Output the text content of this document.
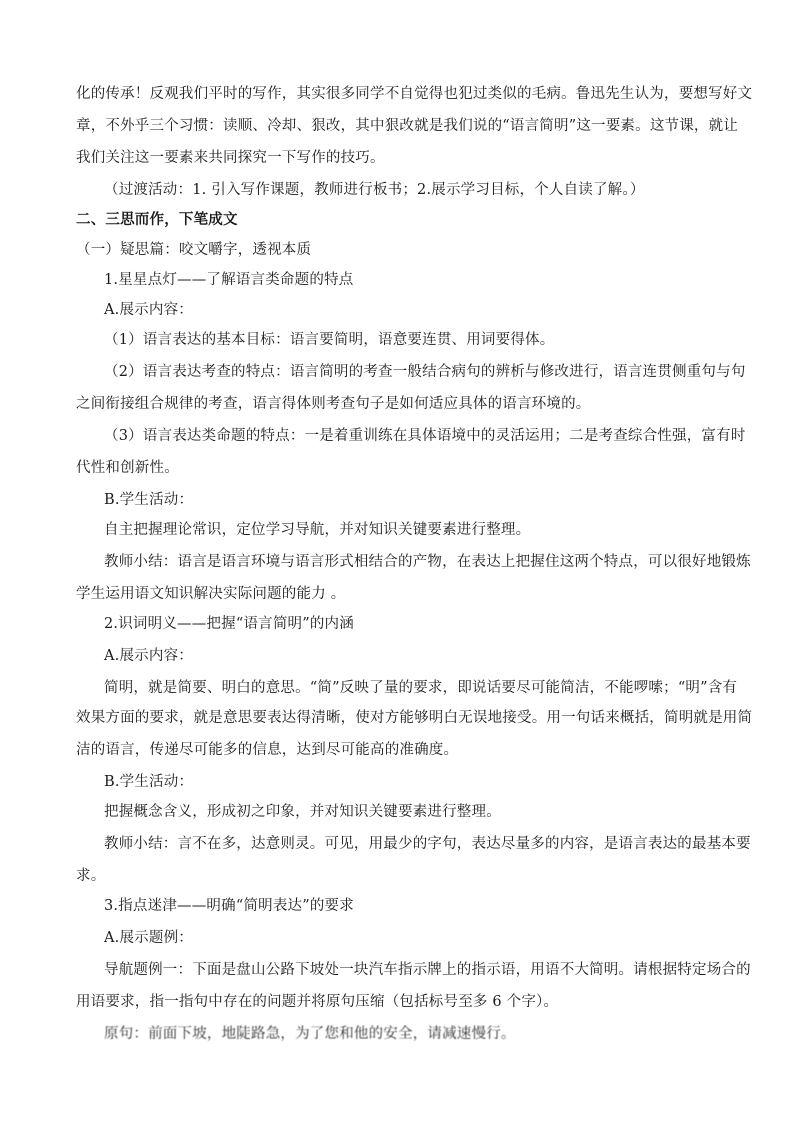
化的传承！反观我们平时的写作，其实很多同学不自觉得也犯过类似的毛病。鲁迅先生认为，要想写好文
章，不外乎三个习惯：读顺、冷却、狠改，其中狠改就是我们说的“语言简明”这一要素。这节课，就让
我们关注这一要素来共同探究一下写作的技巧。
（过渡活动：1. 引入写作课题，教师进行板书；2.展示学习目标，个人自读了解。）
二、三思而作，下笔成文
（一）疑思篇：咬文嚼字，透视本质
1.星星点灯——了解语言类命题的特点
A.展示内容：
（1）语言表达的基本目标：语言要简明，语意要连贯、用词要得体。
（2）语言表达考查的特点：语言简明的考查一般结合病句的辨析与修改进行，语言连贯侧重句与句
之间衔接组合规律的考查，语言得体则考查句子是如何适应具体的语言环境的。
（3）语言表达类命题的特点：一是着重训练在具体语境中的灵活运用；二是考查综合性强，富有时
代性和创新性。
B.学生活动：
自主把握理论常识，定位学习导航，并对知识关键要素进行整理。
教师小结：语言是语言环境与语言形式相结合的产物，在表达上把握住这两个特点，可以很好地锻炼
学生运用语文知识解决实际问题的能力 。
2.识词明义——把握“语言简明”的内涵
A.展示内容：
简明，就是简要、明白的意思。“简”反映了量的要求，即说话要尽可能简洁，不能啰嗦；“明”含有
效果方面的要求，就是意思要表达得清晰，使对方能够明白无误地接受。用一句话来概括，简明就是用简
洁的语言，传递尽可能多的信息，达到尽可能高的准确度。
B.学生活动：
把握概念含义，形成初之印象，并对知识关键要素进行整理。
教师小结：言不在多，达意则灵。可见，用最少的字句，表达尽量多的内容，是语言表达的最基本要
求。
3.指点迷津——明确“简明表达”的要求
A.展示题例：
导航题例一：下面是盘山公路下坡处一块汽车指示牌上的指示语，用语不大简明。请根据特定场合的
用语要求，指一指句中存在的问题并将原句压缩（包括标号至多 6 个字）。
原句：前面下坡，地陡路急，为了您和他的安全，请减速慢行。
